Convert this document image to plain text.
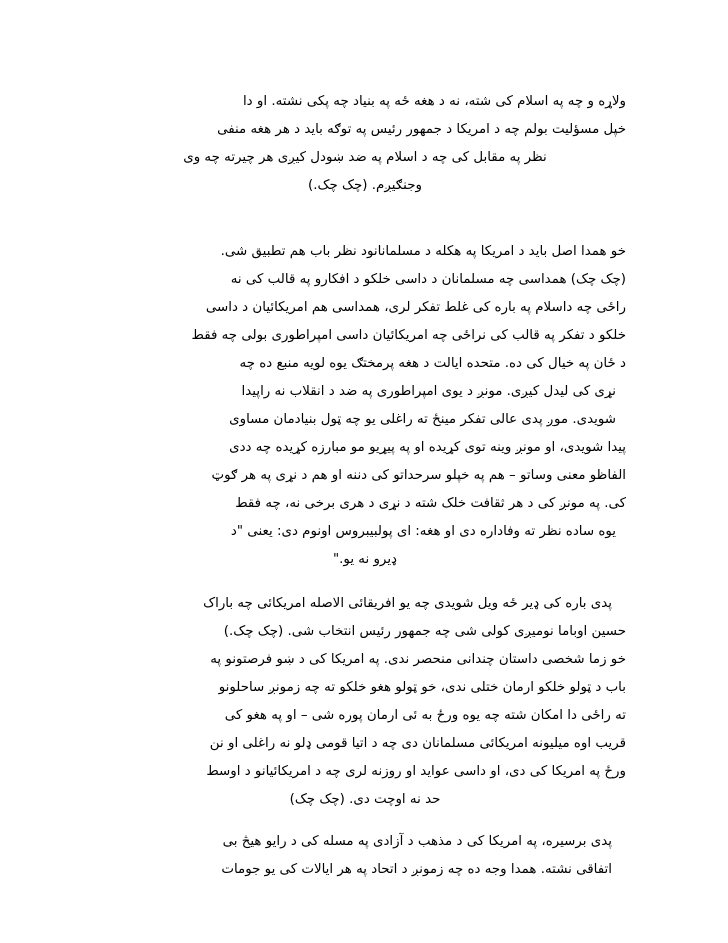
ولاړه و چه په اسلام کی شته، نه د هغه ځه په بنياد چه پکی نشته. او دا
خپل مسؤليت بولم چه د امريکا د جمهور رئيس په توګه بايد د هر هغه منفی
نظر په مقابل کی چه د اسلام په ضد ښودل کيږی هر چيرته چه وی
وجنګيږم. (چک چک.)
خو همدا اصل بايد د امريکا په هکله د مسلمانانود نظر باب هم تطبيق شی.
(چک چک) همداسی چه مسلمانان د داسی خلکو د افکارو په قالب کی نه
راځی چه داسلام په باره کی غلط تفکر لری، همداسی هم امريکائيان د داسی
خلکو د تفکر په قالب کی نراځی چه امريکائيان داسی امپراطوری بولی چه فقط
د ځان په خيال کی ده. متحده ايالت د هغه پرمختګ يوه لويه منبع ده چه
نړی کی ليدل کيږی. مونږ د يوی امپراطوری په ضد د انقلاب نه راپيدا
شويدی. موږ پدی عالی تفکر مينځ ته راغلی يو چه ټول بنيادمان مساوی
پيدا شويدی، او مونږ وينه توی کړيده او په پيړيو مو مبارزه کړيده چه ددی
الفاظو معنی وساتو – هم په خپلو سرحداتو کی دننه او هم د نړی په هر ګوټ
کی. په مونږ کی د هر ثقافت خلک شته د نړی د هری برخی نه، چه فقط
يوه ساده نظر ته وفاداره دی او هغه: ای پولبيبروس اونوم دی: يعنی "د
ډيرو نه يو."
پدی باره کی ډير ځه ويل شويدی چه يو افريقائی الاصله امريکائی چه باراک
حسين اوباما نوميږی کولی شی چه جمهور رئيس انتخاب شی. (چک چک.)
خو زما شخصی داستان چندانی منحصر ندی. په امريکا کی د ښو فرصتونو په
باب د ټولو خلکو ارمان ختلی ندی، خو ټولو هغو خلکو ته چه زمونږ ساحلونو
ته راځی دا امکان شته چه يوه ورځ به ئی ارمان پوره شی – او په هغو کی
قريب اوه ميليونه امريکائی مسلمانان دی چه د اتيا قومی ډلو نه راغلی او نن
ورځ په امريکا کی دی، او داسی عوايد او روزنه لری چه د امريکائيانو د اوسط
حد نه اوچت دی. (چک چک)
پدی برسيره، په امريکا کی د مذهب د آزادی په مسله کی د رايو هيڅ بی
اتفاقی نشته. همدا وجه ده چه زمونږ د اتحاد په هر ايالات کی يو جومات
